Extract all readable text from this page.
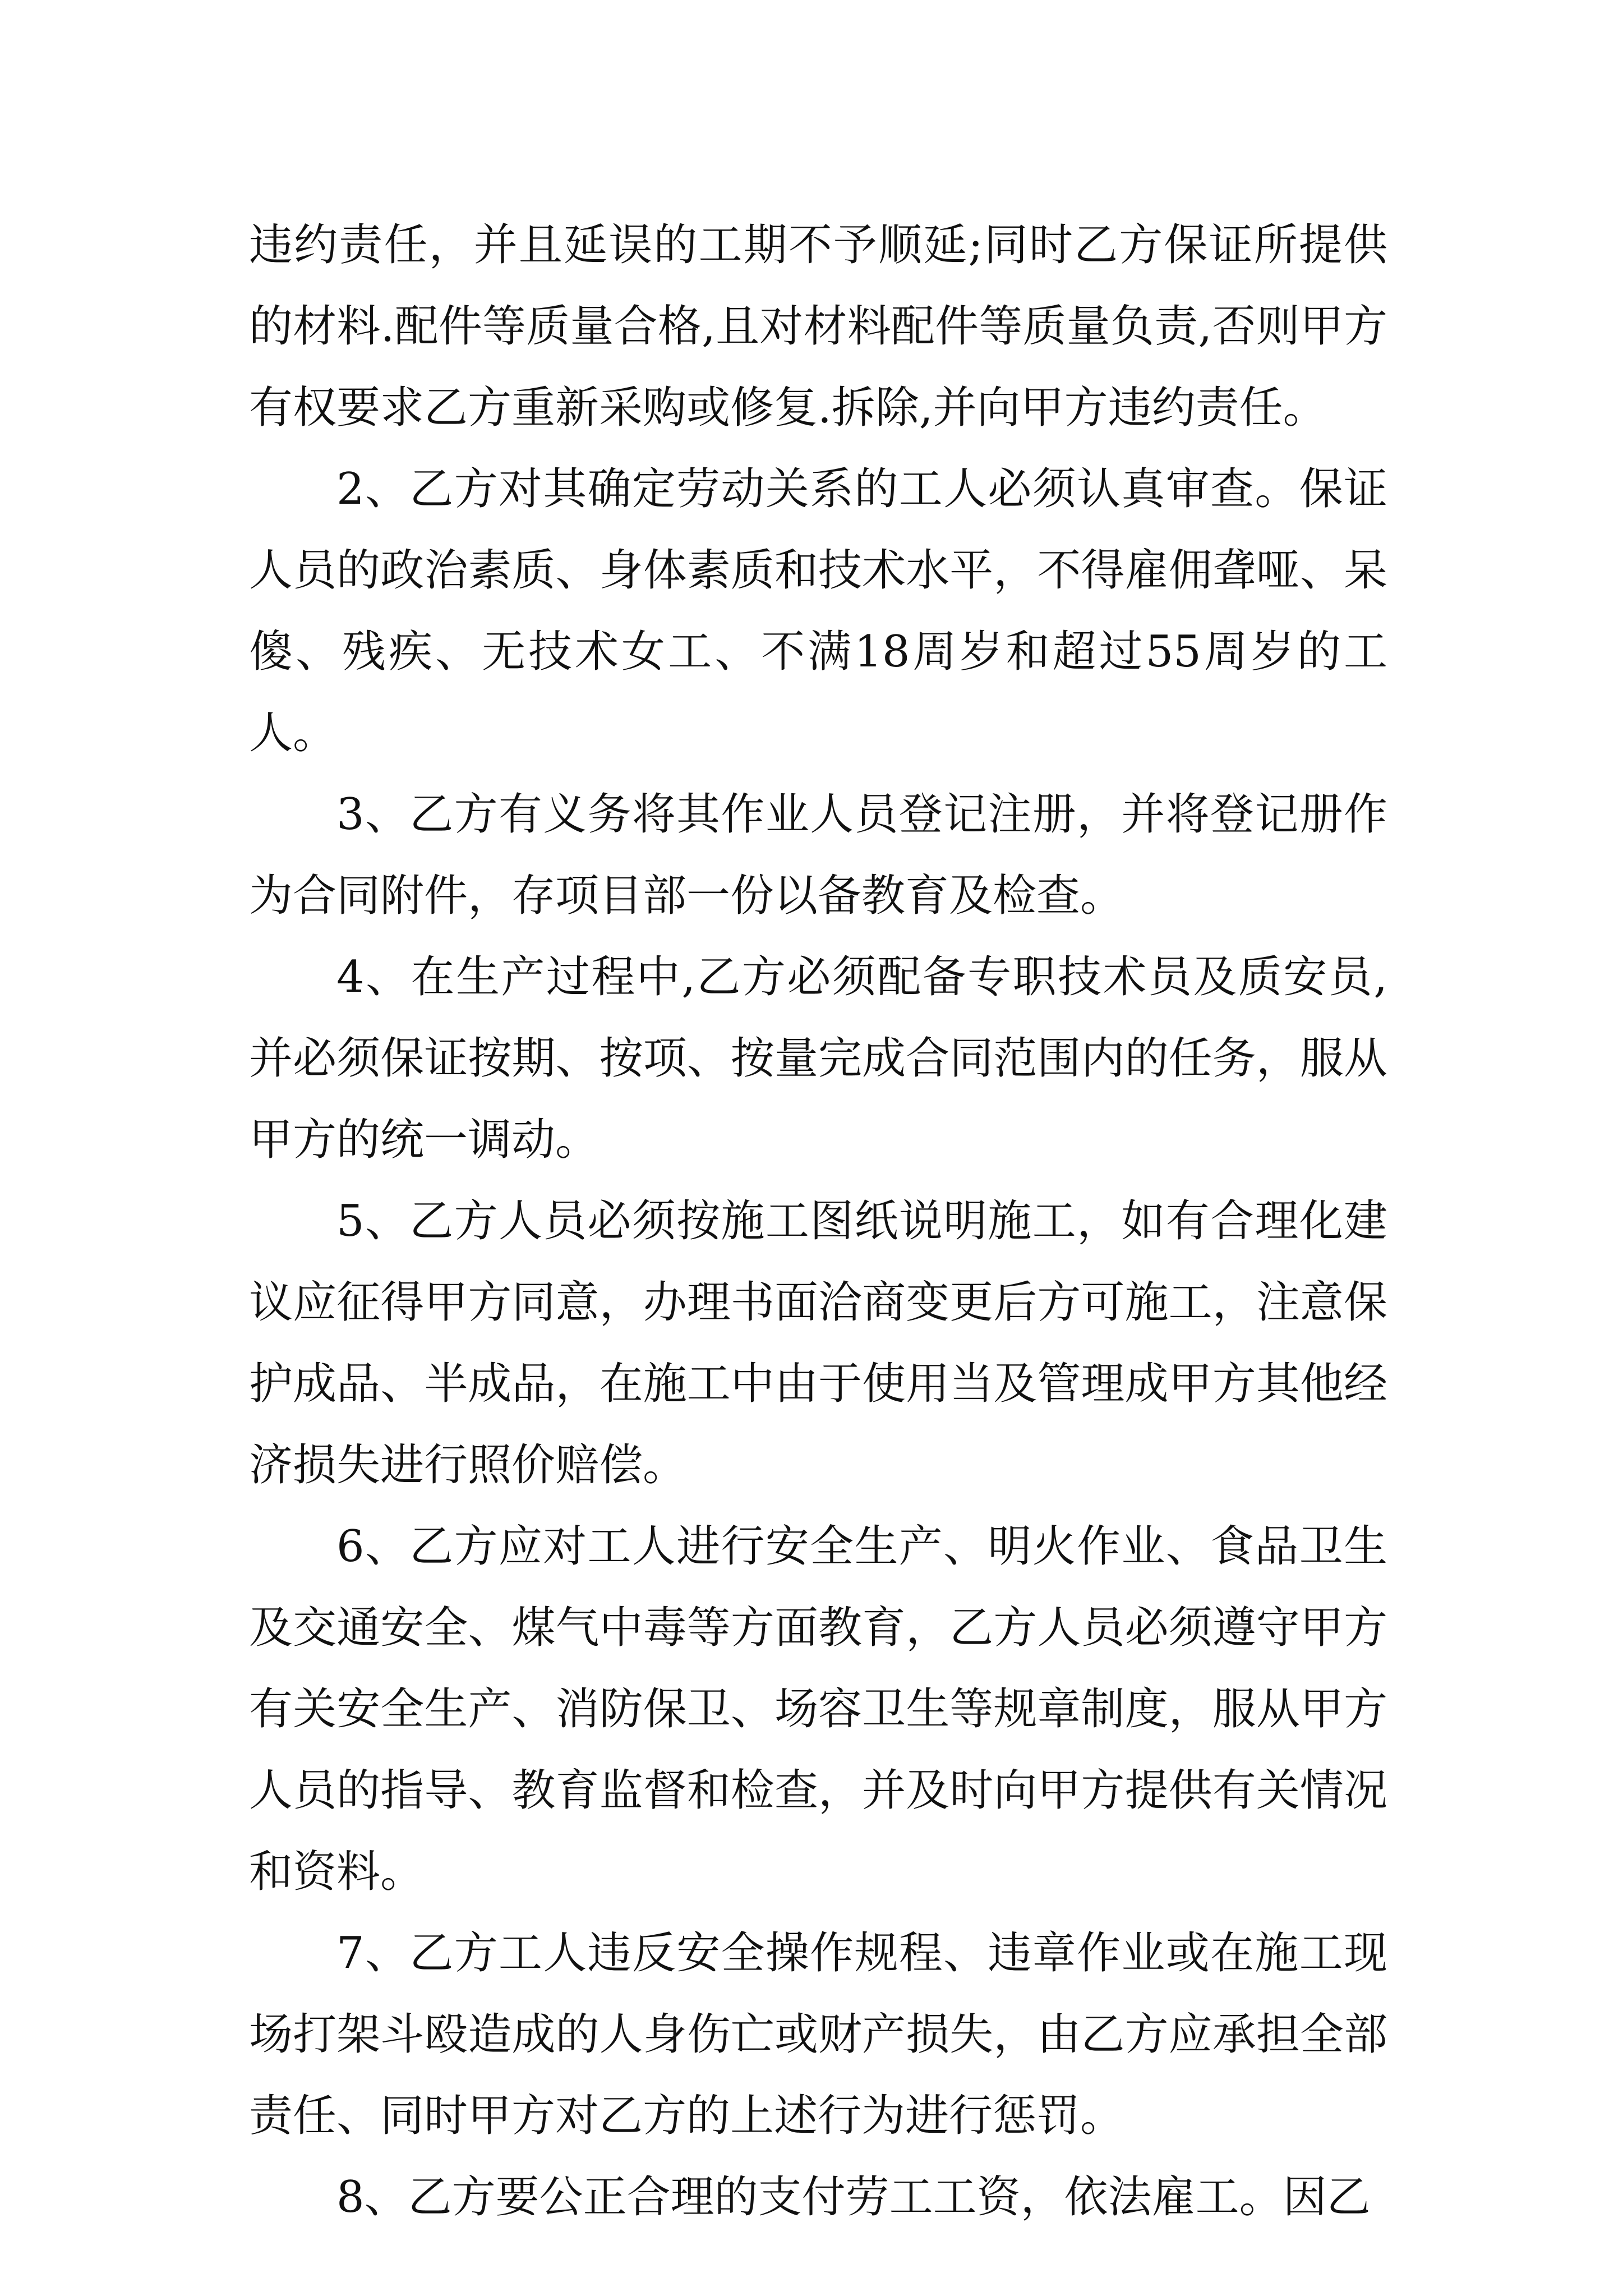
违约责任，并且延误的工期不予顺延;同时乙方保证所提供的材料.配件等质量合格,且对材料配件等质量负责,否则甲方有权要求乙方重新采购或修复.拆除,并向甲方违约责任。

2、乙方对其确定劳动关系的工人必须认真审查。保证人员的政治素质、身体素质和技术水平，不得雇佣聋哑、呆傻、残疾、无技术女工、不满18周岁和超过55周岁的工人。

3、乙方有义务将其作业人员登记注册，并将登记册作为合同附件，存项目部一份以备教育及检查。

4、在生产过程中,乙方必须配备专职技术员及质安员,并必须保证按期、按项、按量完成合同范围内的任务，服从甲方的统一调动。

5、乙方人员必须按施工图纸说明施工，如有合理化建议应征得甲方同意，办理书面洽商变更后方可施工，注意保护成品、半成品，在施工中由于使用当及管理成甲方其他经济损失进行照价赔偿。

6、乙方应对工人进行安全生产、明火作业、食品卫生及交通安全、煤气中毒等方面教育，乙方人员必须遵守甲方有关安全生产、消防保卫、场容卫生等规章制度，服从甲方人员的指导、教育监督和检查，并及时向甲方提供有关情况和资料。

7、乙方工人违反安全操作规程、违章作业或在施工现场打架斗殴造成的人身伤亡或财产损失，由乙方应承担全部责任、同时甲方对乙方的上述行为进行惩罚。

8、乙方要公正合理的支付劳工工资，依法雇工。因乙
